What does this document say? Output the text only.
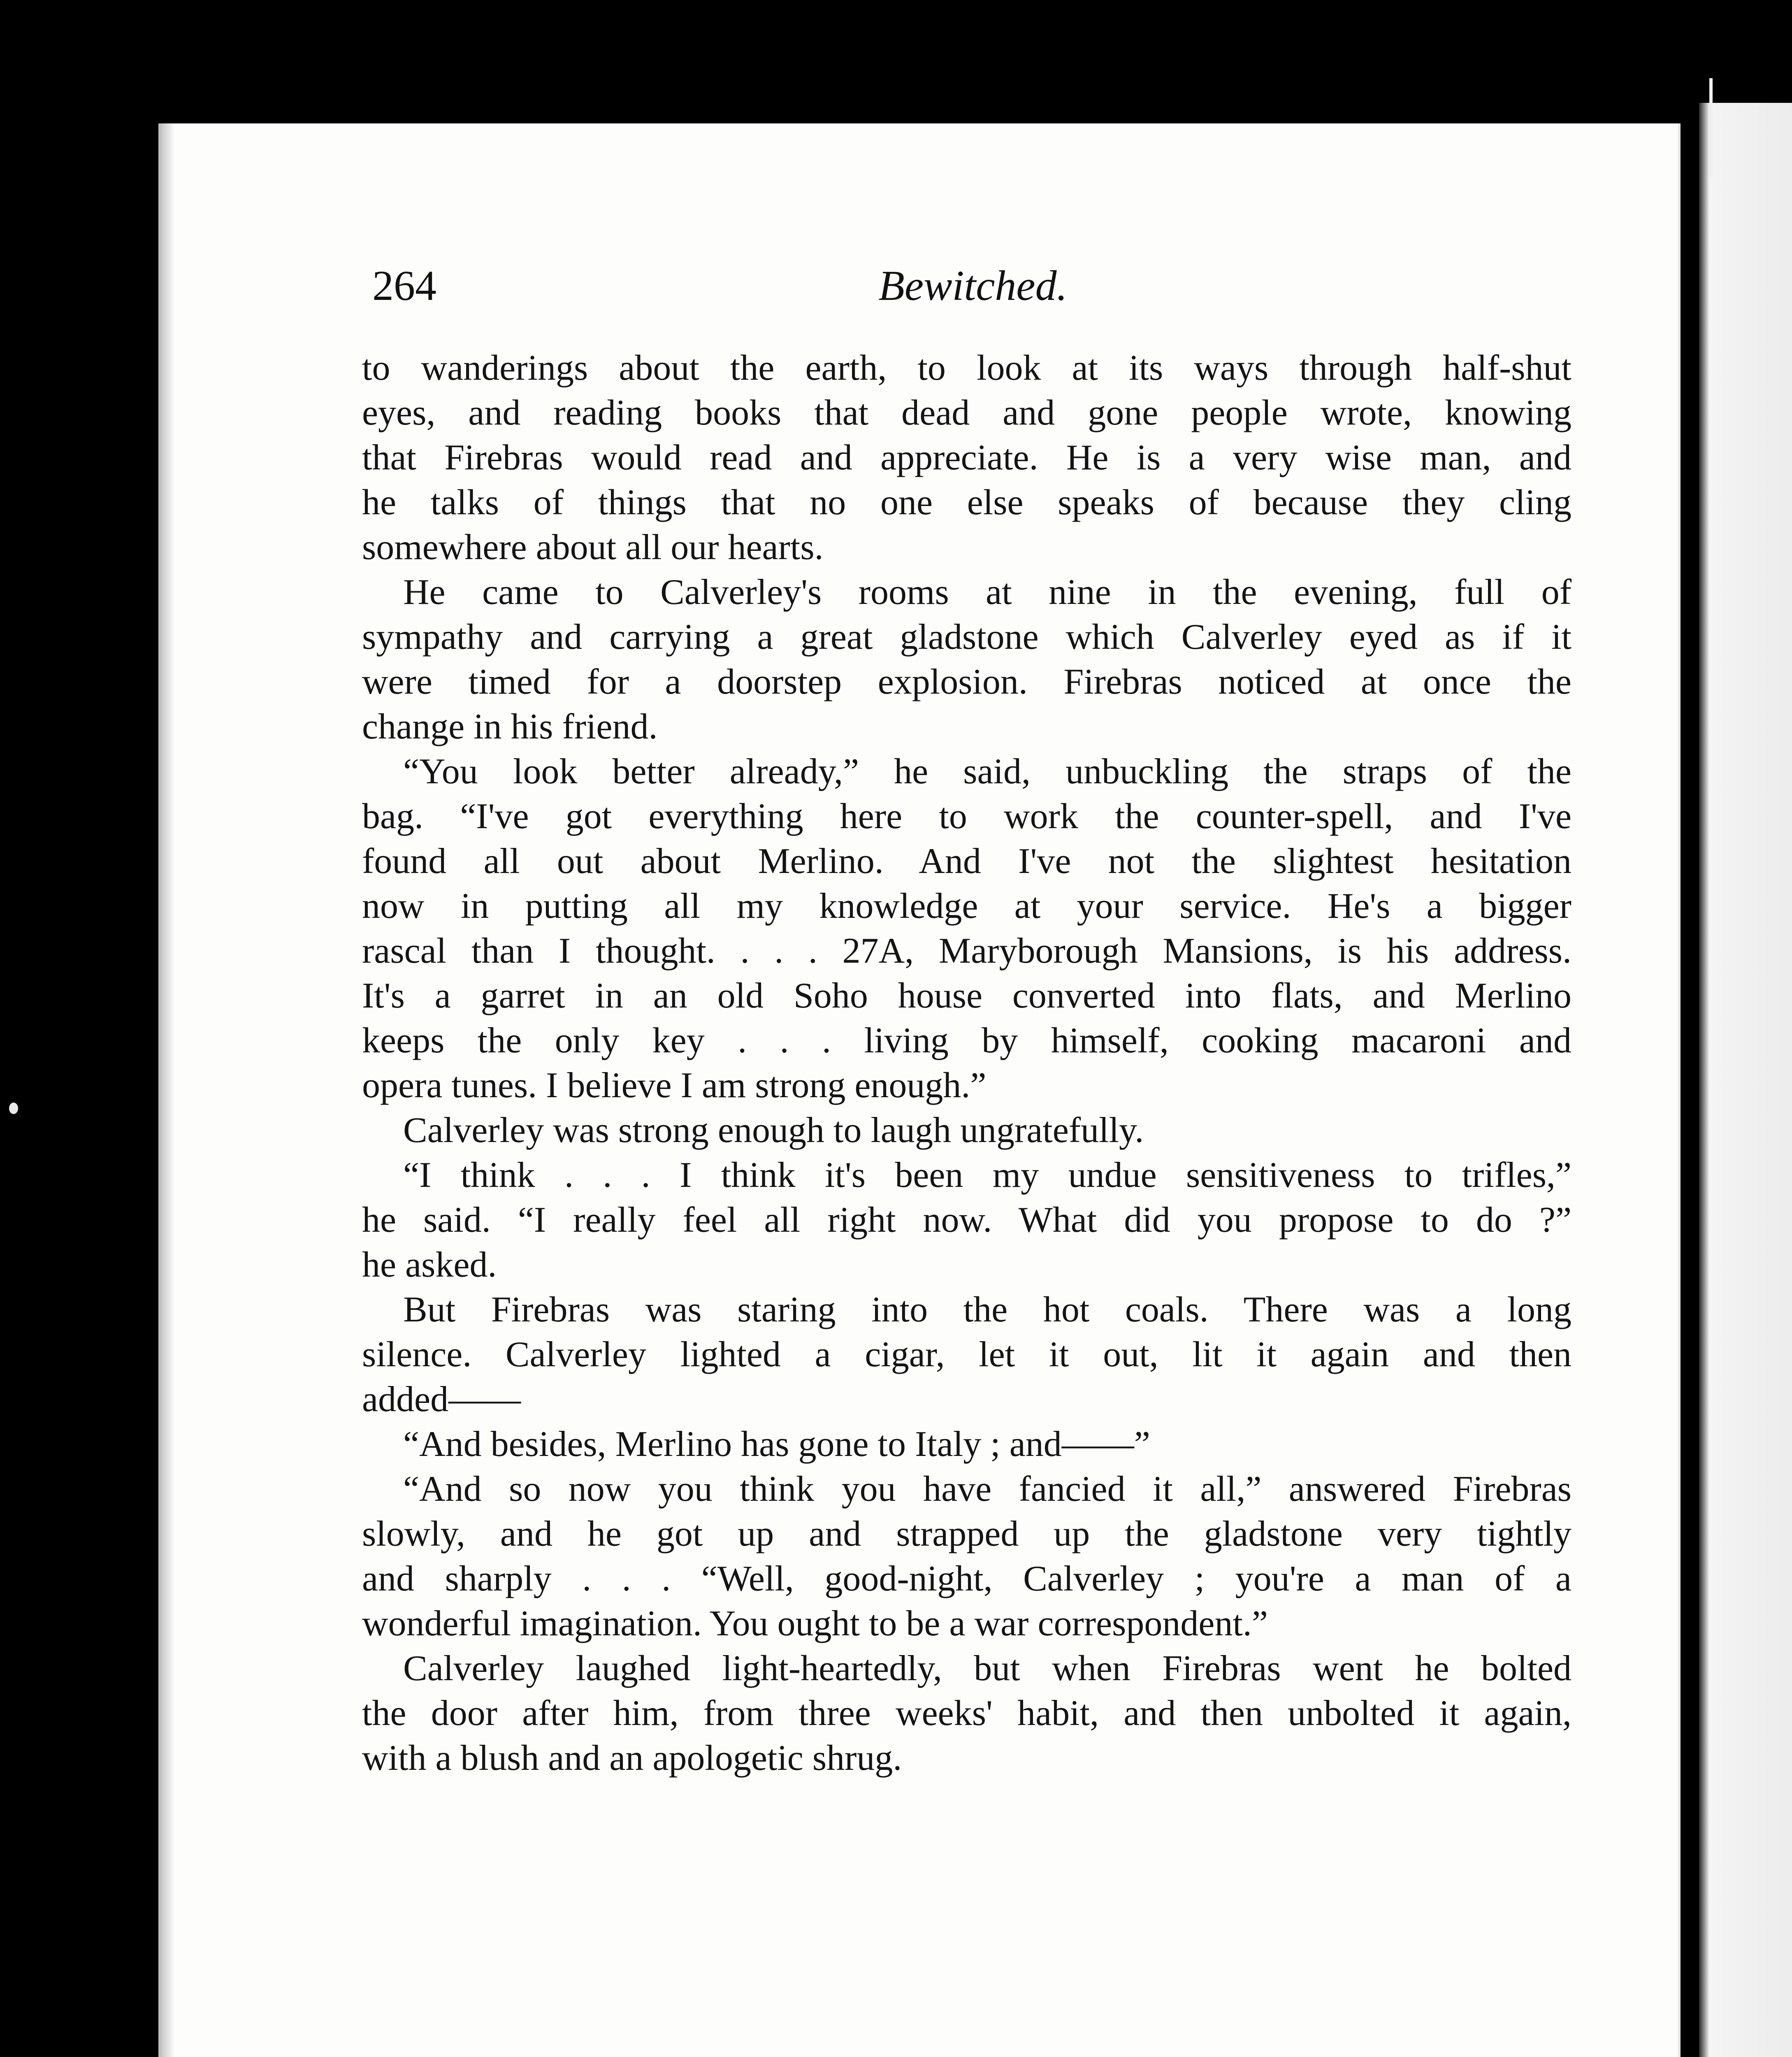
264	Bewitched.
to wanderings about the earth, to look at its ways through half-shut
eyes, and reading books that dead and gone people wrote, knowing
that Firebras would read and appreciate. He is a very wise man, and
he talks of things that no one else speaks of because they cling
somewhere about all our hearts.
He came to Calverley's rooms at nine in the evening, full of
sympathy and carrying a great gladstone which Calverley eyed as if it
were timed for a doorstep explosion. Firebras noticed at once the
change in his friend.
“You look better already,” he said, unbuckling the straps of the
bag. “I've got everything here to work the counter-spell, and I've
found all out about Merlino. And I've not the slightest hesitation
now in putting all my knowledge at your service. He's a bigger
rascal than I thought. . . . 27A, Maryborough Mansions, is his address.
It's a garret in an old Soho house converted into flats, and Merlino
keeps the only key . . . living by himself, cooking macaroni and
opera tunes. I believe I am strong enough.”
Calverley was strong enough to laugh ungratefully.
“I think . . . I think it's been my undue sensitiveness to trifles,”
he said. “I really feel all right now. What did you propose to do ?”
he asked.
But Firebras was staring into the hot coals. There was a long
silence. Calverley lighted a cigar, let it out, lit it again and then
added——
“And besides, Merlino has gone to Italy ; and——”
“And so now you think you have fancied it all,” answered Firebras
slowly, and he got up and strapped up the gladstone very tightly
and sharply . . . “Well, good-night, Calverley ; you're a man of a
wonderful imagination. You ought to be a war correspondent.”
Calverley laughed light-heartedly, but when Firebras went he bolted
the door after him, from three weeks' habit, and then unbolted it again,
with a blush and an apologetic shrug.
